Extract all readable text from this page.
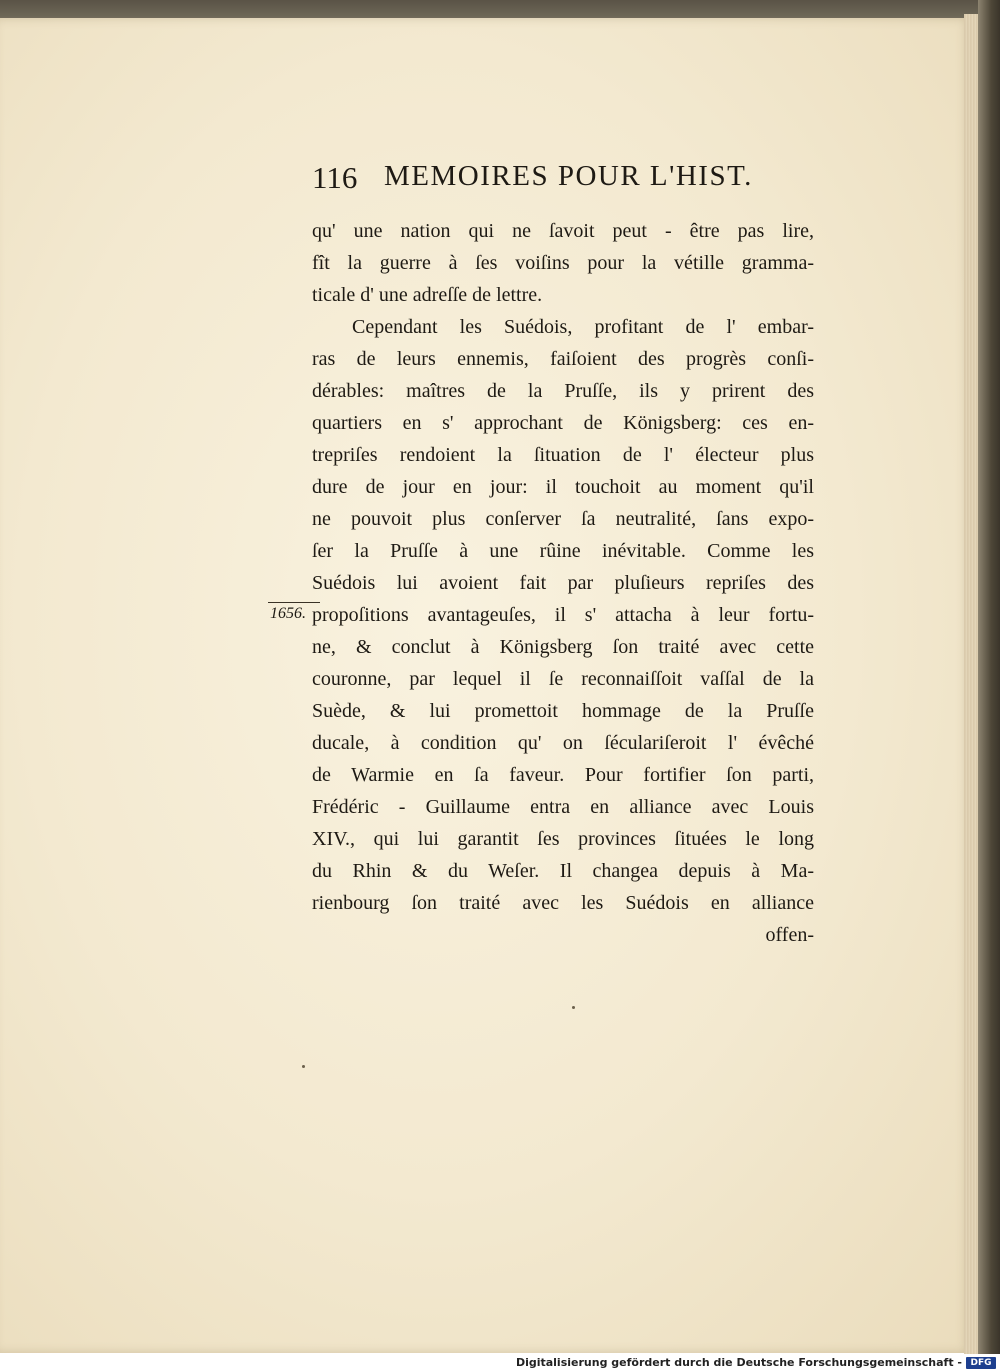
116 MEMOIRES POUR L'HIST.
1656.
qu' une nation qui ne ſavoit peut - être pas lire,
fît la guerre à ſes voiſins pour la vétille gramma-
ticale d' une adreſſe de lettre.
Cependant les Suédois, profitant de l' embar-
ras de leurs ennemis, faiſoient des progrès conſi-
dérables: maîtres de la Pruſſe, ils y prirent des
quartiers en s' approchant de Königsberg: ces en-
trepriſes rendoient la ſituation de l' électeur plus
dure de jour en jour: il touchoit au moment qu'il
ne pouvoit plus conſerver ſa neutralité, ſans expo-
ſer la Pruſſe à une rûine inévitable. Comme les
Suédois lui avoient fait par pluſieurs repriſes des
propoſitions avantageuſes, il s' attacha à leur fortu-
ne, & conclut à Königsberg ſon traité avec cette
couronne, par lequel il ſe reconnaiſſoit vaſſal de la
Suède, & lui promettoit hommage de la Pruſſe
ducale, à condition qu' on ſéculariſeroit l' évêché
de Warmie en ſa faveur. Pour fortifier ſon parti,
Frédéric - Guillaume entra en alliance avec Louis
XIV., qui lui garantit ſes provinces ſituées le long
du Rhin & du Weſer. Il changea depuis à Ma-
rienbourg ſon traité avec les Suédois en alliance
offen-
Digitalisierung gefördert durch die Deutsche Forschungsgemeinschaft - DFG
